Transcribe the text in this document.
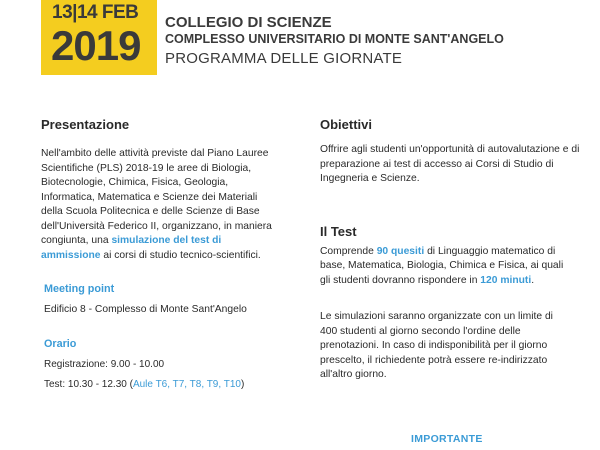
13|14 FEB
2019 COLLEGIO DI SCIENZE
COMPLESSO UNIVERSITARIO DI MONTE SANT'ANGELO
PROGRAMMA DELLE GIORNATE
Presentazione
Nell'ambito delle attività previste dal Piano Laurее Scientifiche (PLS) 2018-19 le aree di Biologia, Biotecnologie, Chimica, Fisica, Geologia, Informatica, Matematica e Scienze dei Materiali della Scuola Politecnica e delle Scienze di Base dell'Università Federico II, organizzano, in maniera congiunta, una simulazione del test di ammissione ai corsi di studio tecnico-scientifici.
Meeting point
Edificio 8 - Complesso di Monte Sant'Angelo
Orario
Registrazione: 9.00 - 10.00
Test: 10.30 - 12.30 (Aule T6, T7, T8, T9, T10)
Obiettivi
Offrire agli studenti un'opportunità di autovalutazione e di preparazione ai test di accesso ai Corsi di Studio di Ingegneria e Scienze.
Il Test
Comprende 90 quesiti di Linguaggio matematico di base, Matematica, Biologia, Chimica e Fisica, ai quali gli studenti dovranno rispondere in 120 minuti.
Le simulazioni saranno organizzate con un limite di 400 studenti al giorno secondo l'ordine delle prenotazioni. In caso di indisponibilità per il giorno prescelto, il richiedente potrà essere re-indirizzato all'altro giorno.
IMPORTANTE
